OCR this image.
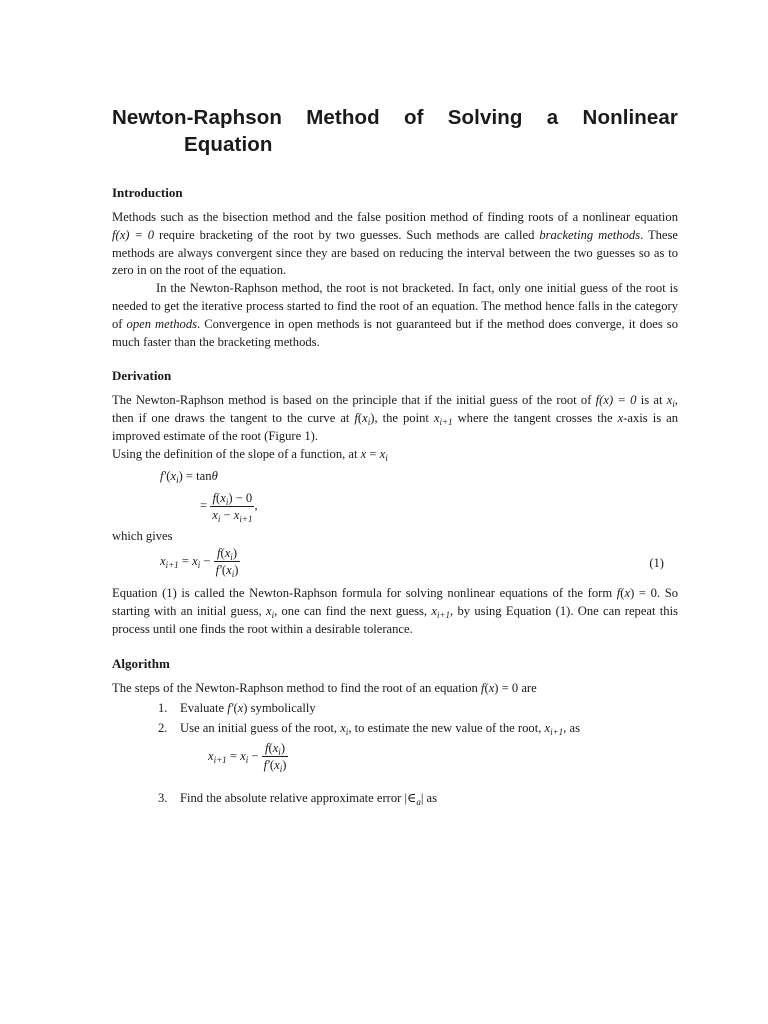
Newton-Raphson Method of Solving a Nonlinear
Equation
Introduction

Methods such as the bisection method and the false position method of finding roots of a nonlinear equation f(x) = 0 require bracketing of the root by two guesses. Such methods are called bracketing methods. These methods are always convergent since they are based on reducing the interval between the two guesses so as to zero in on the root of the equation.

In the Newton-Raphson method, the root is not bracketed. In fact, only one initial guess of the root is needed to get the iterative process started to find the root of an equation. The method hence falls in the category of open methods. Convergence in open methods is not guaranteed but if the method does converge, it does so much faster than the bracketing methods.

Derivation

The Newton-Raphson method is based on the principle that if the initial guess of the root of f(x) = 0 is at $x_i$, then if one draws the tangent to the curve at $f(x_i)$, the point $x_{i+1}$ where the tangent crosses the x-axis is an improved estimate of the root (Figure 1).

Using the definition of the slope of a function, at $x = x_i$

$f'(x_i) = \tan\theta$
= $\frac{f(x_i) - 0}{x_i - x_{i+1}}$ ,

which gives

$x_{i+1} = x_i - \frac{f(x_i)}{f'(x_i)}$	(1)

Equation (1) is called the Newton-Raphson formula for solving nonlinear equations of the form f(x) = 0. So starting with an initial guess, $x_i$, one can find the next guess, $x_{i+1}$, by using Equation (1). One can repeat this process until one finds the root within a desirable tolerance.

Algorithm

The steps of the Newton-Raphson method to find the root of an equation f(x) = 0 are

1. Evaluate f′(x) symbolically
2. Use an initial guess of the root, $x_i$, to estimate the new value of the root, $x_{i+1}$, as
$x_{i+1} = x_i - \frac{f(x_i)}{f'(x_i)}$
3. Find the absolute relative approximate error $|\in_a|$ as
